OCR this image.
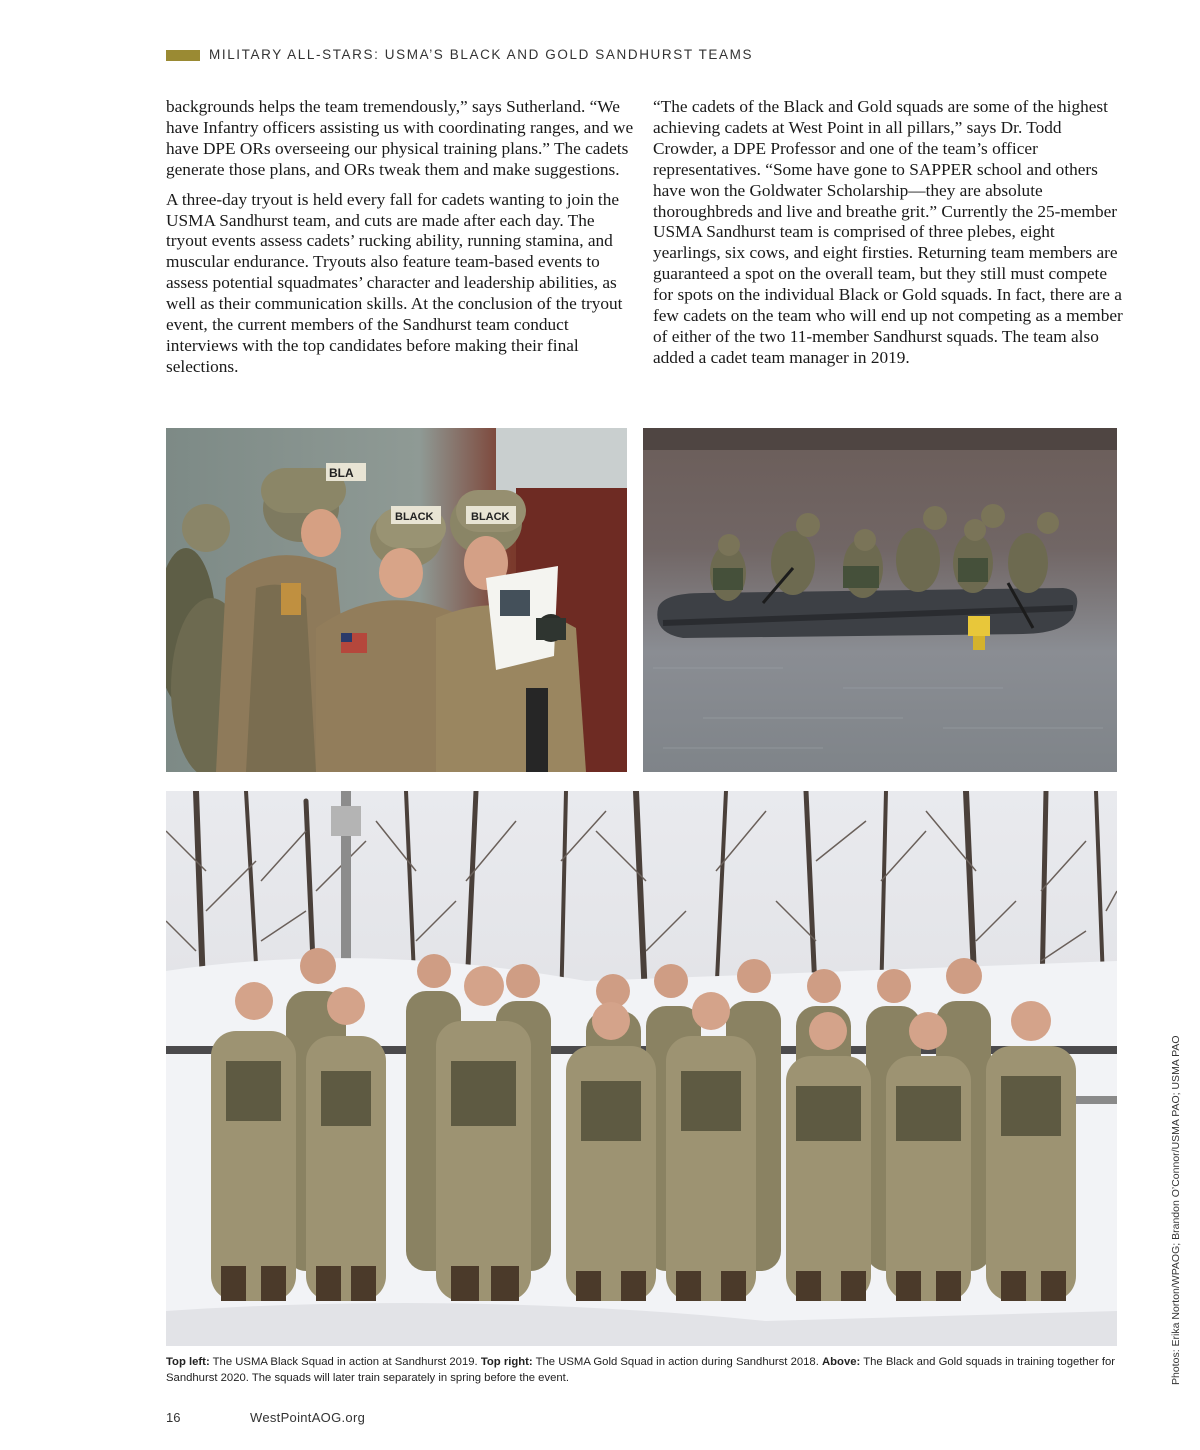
MILITARY ALL-STARS: USMA’S BLACK AND GOLD SANDHURST TEAMS

backgrounds helps the team tremendously,” says Sutherland. “We have Infantry officers assisting us with coordinating ranges, and we have DPE ORs overseeing our physical training plans.” The cadets generate those plans, and ORs tweak them and make suggestions.

A three-day tryout is held every fall for cadets wanting to join the USMA Sandhurst team, and cuts are made after each day. The tryout events assess cadets’ rucking ability, running stamina, and muscular endurance. Tryouts also feature team-based events to assess potential squadmates’ character and leadership abilities, as well as their communication skills. At the conclusion of the tryout event, the current members of the Sandhurst team conduct interviews with the top candidates before making their final selections.

“The cadets of the Black and Gold squads are some of the highest achieving cadets at West Point in all pillars,” says Dr. Todd Crowder, a DPE Professor and one of the team’s officer representatives. “Some have gone to SAPPER school and others have won the Goldwater Scholarship—they are absolute thoroughbreds and live and breathe grit.” Currently the 25-member USMA Sandhurst team is comprised of three plebes, eight yearlings, six cows, and eight firsties. Returning team members are guaranteed a spot on the overall team, but they still must compete for spots on the individual Black or Gold squads. In fact, there are a few cadets on the team who will end up not competing as a member of either of the two 11-member Sandhurst squads. The team also added a cadet team manager in 2019.

BLA
BLACK	BLACK
Top left: The USMA Black Squad in action at Sandhurst 2019. Top right: The USMA Gold Squad in action during Sandhurst 2018. Above: The Black and Gold squads in training together for Sandhurst 2020. The squads will later train separately in spring before the event.	Photos: Erika Norton/WPAOG; Brandon O’Connor/USMA PAO; USMA PAO
16	WestPointAOG.org
